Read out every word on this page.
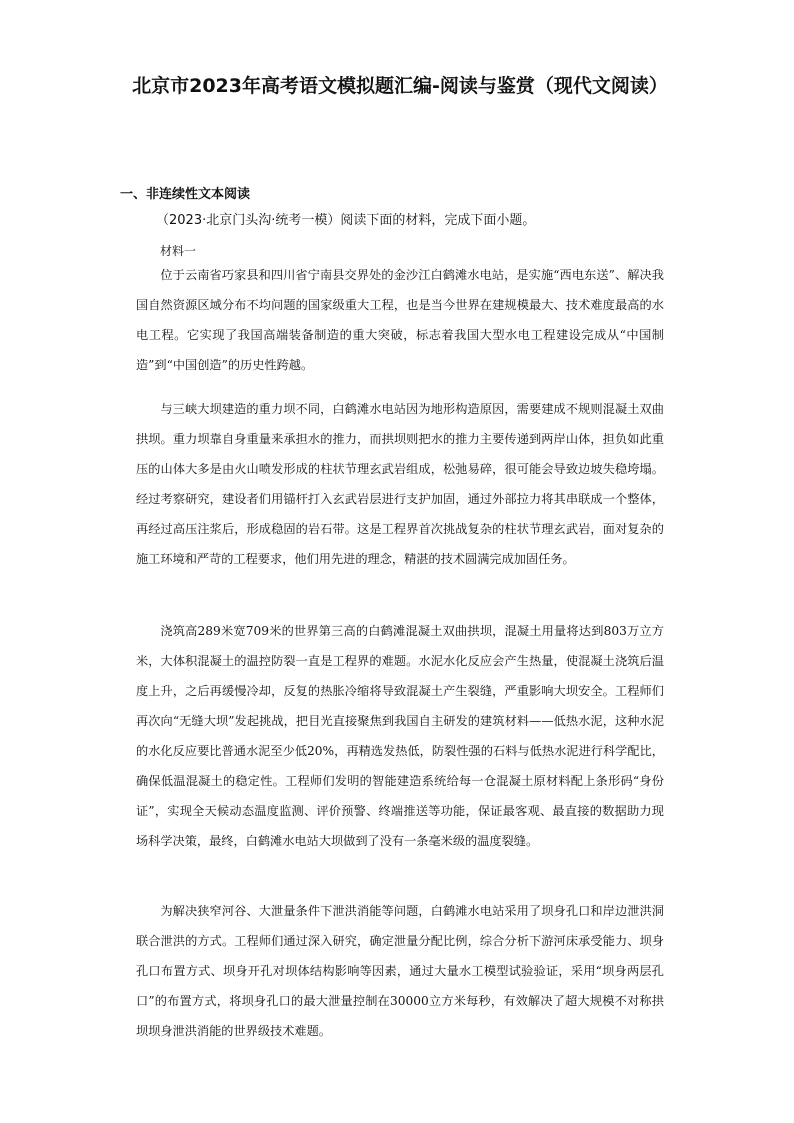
北京市2023年高考语文模拟题汇编-阅读与鉴赏（现代文阅读）
一、非连续性文本阅读
（2023·北京门头沟·统考一模）阅读下面的材料，完成下面小题。
材料一

位于云南省巧家县和四川省宁南县交界处的金沙江白鹤滩水电站，是实施“西电东送”、解决我国自然资源区域分布不均问题的国家级重大工程，也是当今世界在建规模最大、技术难度最高的水电工程。它实现了我国高端装备制造的重大突破，标志着我国大型水电工程建设完成从“中国制造”到“中国创造”的历史性跨越。

与三峡大坝建造的重力坝不同，白鹤滩水电站因为地形构造原因，需要建成不规则混凝土双曲拱坝。重力坝靠自身重量来承担水的推力，而拱坝则把水的推力主要传递到两岸山体，担负如此重压的山体大多是由火山喷发形成的柱状节理玄武岩组成，松弛易碎，很可能会导致边坡失稳垮塌。经过考察研究，建设者们用锚杆打入玄武岩层进行支护加固，通过外部拉力将其串联成一个整体，再经过高压注浆后，形成稳固的岩石带。这是工程界首次挑战复杂的柱状节理玄武岩，面对复杂的施工环境和严苛的工程要求，他们用先进的理念，精湛的技术圆满完成加固任务。

浇筑高289米宽709米的世界第三高的白鹤滩混凝土双曲拱坝，混凝土用量将达到803万立方米，大体积混凝土的温控防裂一直是工程界的难题。水泥水化反应会产生热量，使混凝土浇筑后温度上升，之后再缓慢冷却，反复的热胀冷缩将导致混凝土产生裂缝，严重影响大坝安全。工程师们再次向“无缝大坝”发起挑战，把目光直接聚焦到我国自主研发的建筑材料——低热水泥，这种水泥的水化反应要比普通水泥至少低20%，再精选发热低，防裂性强的石料与低热水泥进行科学配比，确保低温混凝土的稳定性。工程师们发明的智能建造系统给每一仓混凝土原材料配上条形码“身份证”，实现全天候动态温度监测、评价预警、终端推送等功能，保证最客观、最直接的数据助力现场科学决策，最终，白鹤滩水电站大坝做到了没有一条毫米级的温度裂缝。

为解决狭窄河谷、大泄量条件下泄洪消能等问题，白鹤滩水电站采用了坝身孔口和岸边泄洪洞联合泄洪的方式。工程师们通过深入研究，确定泄量分配比例，综合分析下游河床承受能力、坝身孔口布置方式、坝身开孔对坝体结构影响等因素，通过大量水工模型试验验证，采用“坝身两层孔口”的布置方式，将坝身孔口的最大泄量控制在30000立方米每秒，有效解决了超大规模不对称拱坝坝身泄洪消能的世界级技术难题。
